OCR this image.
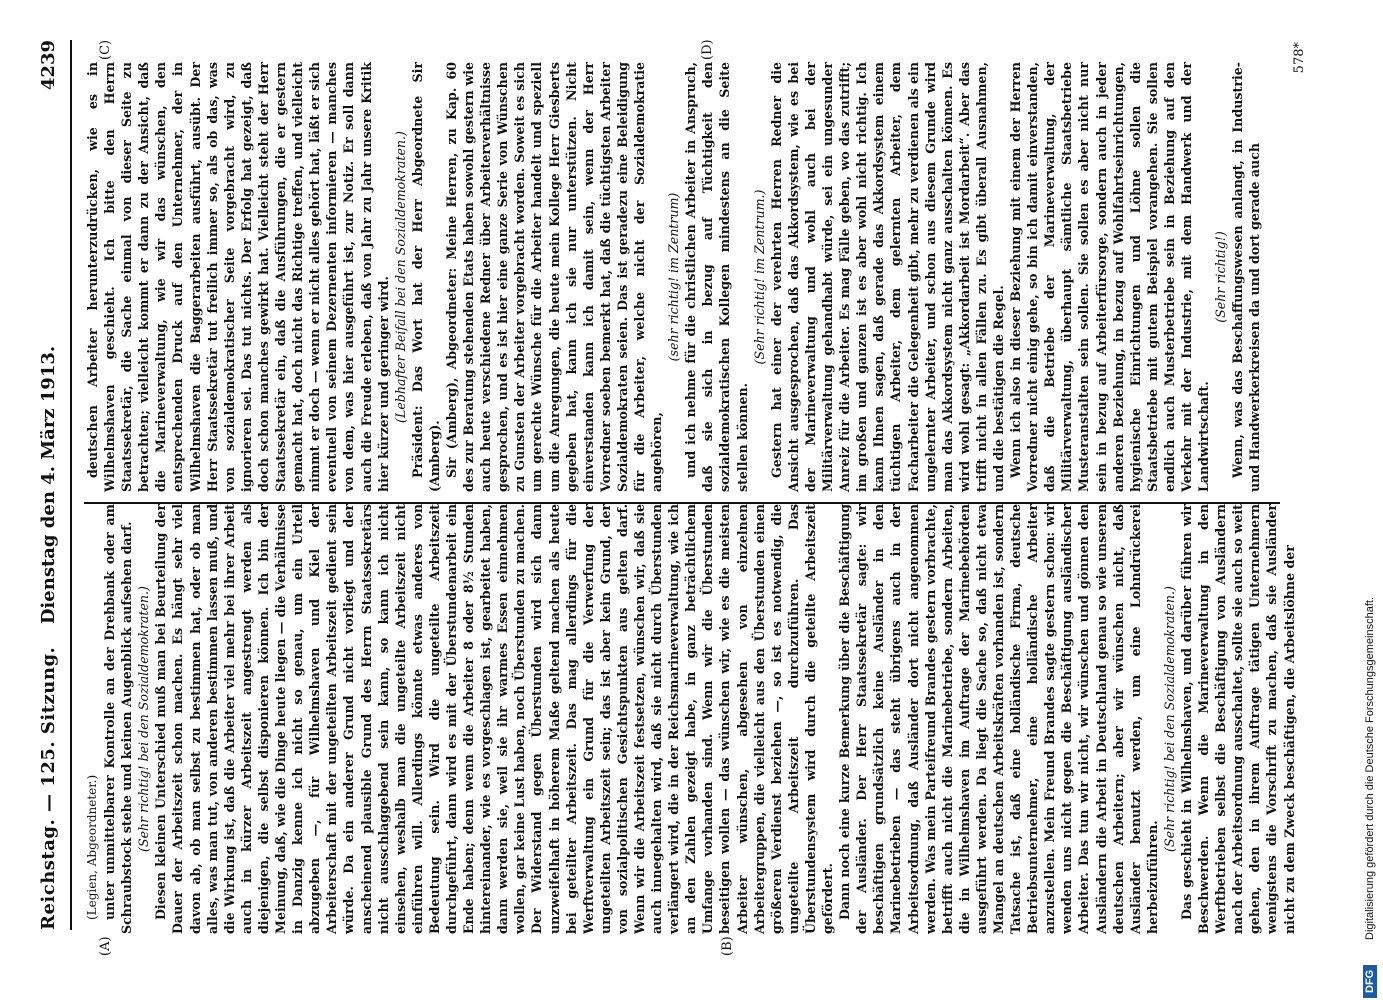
Reichstag. — 125. Sitzung.
Dienstag den 4. März 1913.
4239
(A)	(B)
(C)	(D)

(Legien, Abgeordneter.) unter unmittelbarer Kontrolle an der Drehbank oder am Schraubstock stehe und keinen Augenblick aufsehen darf. (Sehr richtig! bei den Sozialdemokraten.) Diesen kleinen Unterschied muß man bei Beurteilung der Dauer der Arbeitszeit schon machen. Es hängt sehr viel davon ab, ob man selbst zu bestimmen hat, oder ob man alles, was man tut, von anderen bestimmen lassen muß, und die Wirkung ist, daß die Arbeiter viel mehr bei ihrer Arbeit auch in kürzer Arbeitszeit angestrengt werden als diejenigen, die selbst disponieren können. Ich bin der Meinung, daß, wie die Dinge heute liegen — die Verhältnisse in Danzig kenne ich nicht so genau, um ein Urteil abzugeben —, für Wilhelmshaven und Kiel der Arbeiterschaft mit der ungeteilten Arbeitszeit gedient sein würde. Da ein anderer Grund nicht vorliegt und der anscheinend plausible Grund des Herrn Staatssekretärs nicht ausschlaggebend sein kann, so kann ich nicht einsehen, weshalb man die ungeteilte Arbeitszeit nicht einführen will. Allerdings könnte etwas anderes von Bedeutung sein. Wird die ungeteilte Arbeitszeit durchgeführt, dann wird es mit der Überstundenarbeit ein Ende haben; denn wenn die Arbeiter 8 oder 8½ Stunden hintereinander, wie es vorgeschlagen ist, gearbeitet haben, dann werden sie, weil sie ihr warmes Essen einnehmen wollen, gar keine Lust haben, noch Überstunden zu machen. Der Widerstand gegen Überstunden wird sich dann unzweifelhaft in höherem Maße geltend machen als heute bei geteilter Arbeitszeit. Das mag allerdings für die Werftverwaltung ein Grund für die Verwerfung der ungeteilten Arbeitszeit sein; das ist aber kein Grund, der von sozialpolitischen Gesichtspunkten aus gelten darf. Wenn wir die Arbeitszeit festsetzen, wünschen wir, daß sie auch innegehalten wird, daß sie nicht durch Überstunden verlängert wird, die in der Reichsmarineverwaltung, wie ich an den Zahlen gezeigt habe, in ganz beträchtlichem Umfange vorhanden sind. Wenn wir die Überstunden beseitigen wollen — das wünschen wir, wie es die meisten Arbeiter wünschen, abgesehen von einzelnen Arbeitergruppen, die vielleicht aus den Überstunden einen größeren Verdienst beziehen —, so ist es notwendig, die ungeteilte Arbeitszeit durchzuführen. Das Überstundensystem wird durch die geteilte Arbeitszeit gefördert. Dann noch eine kurze Bemerkung über die Beschäftigung der Ausländer. Der Herr Staatssekretär sagte: wir beschäftigen grundsätzlich keine Ausländer in den Marinebetrieben — das steht übrigens auch in der Arbeitsordnung, daß Ausländer dort nicht angenommen werden. Was mein Parteifreund Brandes gestern vorbrachte, betrifft auch nicht die Marinebetriebe, sondern Arbeiten, die in Wilhelmshaven im Auftrage der Marinebehörden ausgeführt werden. Da liegt die Sache so, daß nicht etwa Mangel an deutschen Arbeitskräften vorhanden ist, sondern Tatsache ist, daß eine holländische Firma, deutsche Betriebsunternehmer, eine holländische Arbeiter anzustellen. Mein Freund Brandes sagte gestern schon: wir wenden uns nicht gegen die Beschäftigung ausländischer Arbeiter. Das tun wir nicht, wir wünschen und gönnen den Ausländern die Arbeit in Deutschland genau so wie unseren deutschen Arbeitern; aber wir wünschen nicht, daß Ausländer benutzt werden, um eine Lohndrückerei herbeizuführen.

(Sehr richtig! bei den Sozialdemokraten.) Das geschieht in Wilhelmshaven, und darüber führen wir Beschwerden. Wenn die Marineverwaltung in den Werftbetrieben selbst die Beschäftigung von Ausländern nach der Arbeitsordnung ausschaltet, sollte sie auch so weit gehen, den in ihrem Auftrage tätigen Unternehmern wenigstens die Vorschrift zu machen, daß sie Ausländer nicht zu dem Zweck beschäftigen, die Arbeitslöhne der

deutschen Arbeiter herunterzudrücken, wie es in Wilhelmshaven geschieht. Ich bitte den Herrn Staatssekretär, die Sache einmal von dieser Seite zu betrachten; vielleicht kommt er dann zu der Ansicht, daß die Marineverwaltung, wie wir das wünschen, den entsprechenden Druck auf den Unternehmer, der in Wilhelmshaven die Baggerarbeiten ausführt, ausübt. Der Herr Staatssekretär tut freilich immer so, als ob das, was von sozialdemokratischer Seite vorgebracht wird, zu ignorieren sei. Das tut nichts. Der Erfolg hat gezeigt, daß doch schon manches gewirkt hat. Vielleicht steht der Herr Staatssekretär ein, daß die Ausführungen, die er gestern gemacht hat, doch nicht das Richtige treffen, und vielleicht nimmt er doch — wenn er nicht alles gehört hat, läßt er sich eventuell von seinem Dezernenten informieren — manches von dem, was hier ausgeführt ist, zur Notiz. Er soll dann auch die Freude erleben, daß von Jahr zu Jahr unsere Kritik hier kürzer und geringer wird. (Lebhafter Beifall bei den Sozialdemokraten.) Präsident: Das Wort hat der Herr Abgeordnete Sir (Amberg). Sir (Amberg), Abgeordneter: Meine Herren, zu Kap. 60 des zur Beratung stehenden Etats haben sowohl gestern wie auch heute verschiedene Redner über Arbeiterverhältnisse gesprochen, und es ist hier eine ganze Serie von Wünschen zu Gunsten der Arbeiter vorgebracht worden. Soweit es sich um gerechte Wünsche für die Arbeiter handelt und speziell um die Anregungen, die heute mein Kollege Herr Giesberts gegeben hat, kann ich sie nur unterstützen. Nicht einverstanden kann ich damit sein, wenn der Herr Vorredner soeben bemerkt hat, daß die tüchtigsten Arbeiter Sozialdemokraten seien. Das ist geradezu eine Beleidigung für die Arbeiter, welche nicht der Sozialdemokratie angehören,

(sehr richtig! im Zentrum) und ich nehme für die christlichen Arbeiter in Anspruch, daß sie sich in bezug auf Tüchtigkeit den sozialdemokratischen Kollegen mindestens an die Seite stellen können.

(Sehr richtig! im Zentrum.) Gestern hat einer der verehrten Herren Redner die Ansicht ausgesprochen, daß das Akkordsystem, wie es bei der Marineverwaltung und wohl auch bei der Militärverwaltung gehandhabt würde, sei ein ungesunder Anreiz für die Arbeiter. Es mag Fälle geben, wo das zutrifft; im großen und ganzen ist es aber wohl nicht richtig. Ich kann Ihnen sagen, daß gerade das Akkordsystem einem tüchtigen Arbeiter, dem gelernten Arbeiter, dem Facharbeiter die Gelegenheit gibt, mehr zu verdienen als ein ungelernter Arbeiter, und schon aus diesem Grunde wird man das Akkordsystem nicht ganz ausschalten können. Es wird wohl gesagt: „Akkordarbeit ist Mordarbeit“. Aber das trifft nicht in allen Fällen zu. Es gibt überall Ausnahmen, und die bestätigen die Regel. Wenn ich also in dieser Beziehung mit einem der Herren Vorredner nicht einig gehe, so bin ich damit einverstanden, daß die Betriebe der Marineverwaltung, der Militärverwaltung, überhaupt sämtliche Staatsbetriebe Musteranstalten sein sollen. Sie sollen es aber nicht nur sein in bezug auf Arbeiterfürsorge, sondern auch in jeder anderen Beziehung, in bezug auf Wohlfahrtseinrichtungen, hygienische Einrichtungen und Löhne sollen die Staatsbetriebe mit gutem Beispiel vorangehen. Sie sollen endlich auch Musterbetriebe sein in Beziehung auf den Verkehr mit der Industrie, mit dem Handwerk und der Landwirtschaft.

(Sehr richtig!) Wenn, was das Beschaffungswesen anlangt, in Industrie- und Handwerkerkreisen da und dort gerade auch

578*
DFG
Digitalisierung gefördert durch die Deutsche Forschungsgemeinschaft.
